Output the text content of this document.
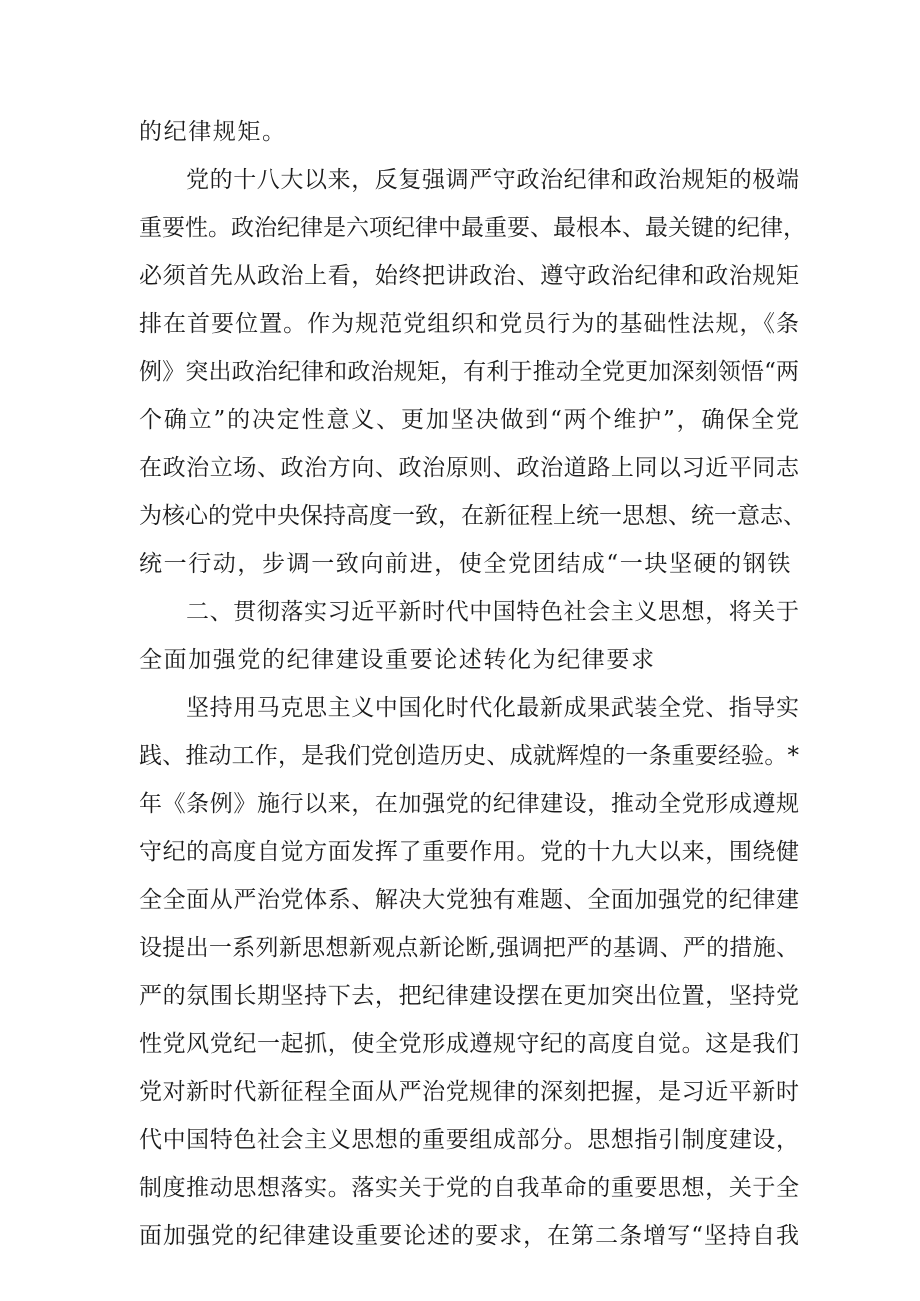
的纪律规矩。
党的十八大以来，反复强调严守政治纪律和政治规矩的极端
重要性。政治纪律是六项纪律中最重要、最根本、最关键的纪律，
必须首先从政治上看，始终把讲政治、遵守政治纪律和政治规矩
排在首要位置。作为规范党组织和党员行为的基础性法规，《条
例》突出政治纪律和政治规矩，有利于推动全党更加深刻领悟“两
个确立”的决定性意义、更加坚决做到“两个维护”，确保全党
在政治立场、政治方向、政治原则、政治道路上同以习近平同志
为核心的党中央保持高度一致，在新征程上统一思想、统一意志、
统一行动，步调一致向前进，使全党团结成“一块坚硬的钢铁
二、贯彻落实习近平新时代中国特色社会主义思想，将关于
全面加强党的纪律建设重要论述转化为纪律要求
坚持用马克思主义中国化时代化最新成果武装全党、指导实
践、推动工作，是我们党创造历史、成就辉煌的一条重要经验。*
年《条例》施行以来，在加强党的纪律建设，推动全党形成遵规
守纪的高度自觉方面发挥了重要作用。党的十九大以来，围绕健
全全面从严治党体系、解决大党独有难题、全面加强党的纪律建
设提出一系列新思想新观点新论断,强调把严的基调、严的措施、
严的氛围长期坚持下去，把纪律建设摆在更加突出位置，坚持党
性党风党纪一起抓，使全党形成遵规守纪的高度自觉。这是我们
党对新时代新征程全面从严治党规律的深刻把握，是习近平新时
代中国特色社会主义思想的重要组成部分。思想指引制度建设，
制度推动思想落实。落实关于党的自我革命的重要思想，关于全
面加强党的纪律建设重要论述的要求，在第二条增写“坚持自我
